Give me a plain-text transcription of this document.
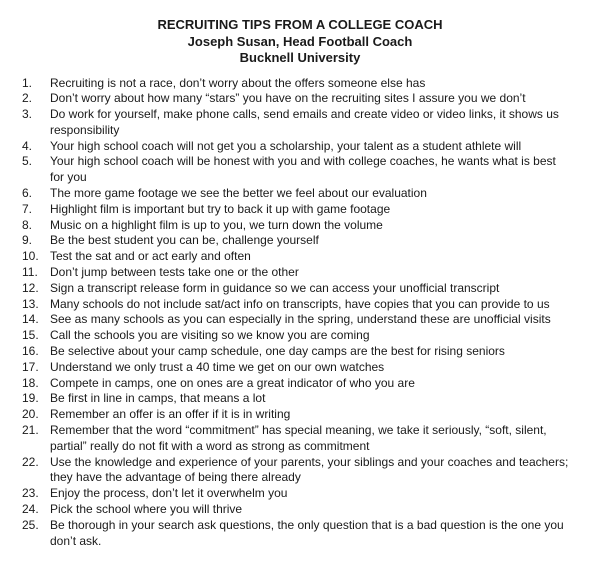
RECRUITING TIPS FROM A COLLEGE COACH
Joseph Susan, Head Football Coach
Bucknell University
1.	Recruiting is not a race, don’t worry about the offers someone else has
2.	Don’t worry about how many “stars” you have on the recruiting sites I assure you we don’t
3.	Do work for yourself, make phone calls, send emails and create video or video links, it shows us responsibility
4.	Your high school coach will not get you a scholarship, your talent as a student athlete will
5.	Your high school coach will be honest with you and with college coaches, he wants what is best for you
6.	The more game footage we see the better we feel about our evaluation
7.	Highlight film is important but try to back it up with game footage
8.	Music on a highlight film is up to you, we turn down the volume
9.	Be the best student you can be, challenge yourself
10. Test the sat and or act early and often
11.	Don’t jump between tests take one or the other
12. Sign a transcript release form in guidance so we can access your unofficial transcript
13. Many schools do not include sat/act info on transcripts, have copies that you can provide to us
14. See as many schools as you can especially in the spring, understand these are unofficial visits
15. Call the schools you are visiting so we know you are coming
16. Be selective about your camp schedule, one day camps are the best for rising seniors
17. Understand we only trust a 40 time we get on our own watches
18. Compete in camps, one on ones are a great indicator of who you are
19. Be first in line in camps, that means a lot
20. Remember an offer is an offer if it is in writing
21. Remember that the word “commitment” has special meaning, we take it seriously, “soft, silent, partial” really do not fit with a word as strong as commitment
22. Use the knowledge and experience of your parents, your siblings and your coaches and teachers; they have the advantage of being there already
23. Enjoy the process, don’t let it overwhelm you
24. Pick the school where you will thrive
25. Be thorough in your search ask questions, the only question that is a bad question is the one you don’t ask.
